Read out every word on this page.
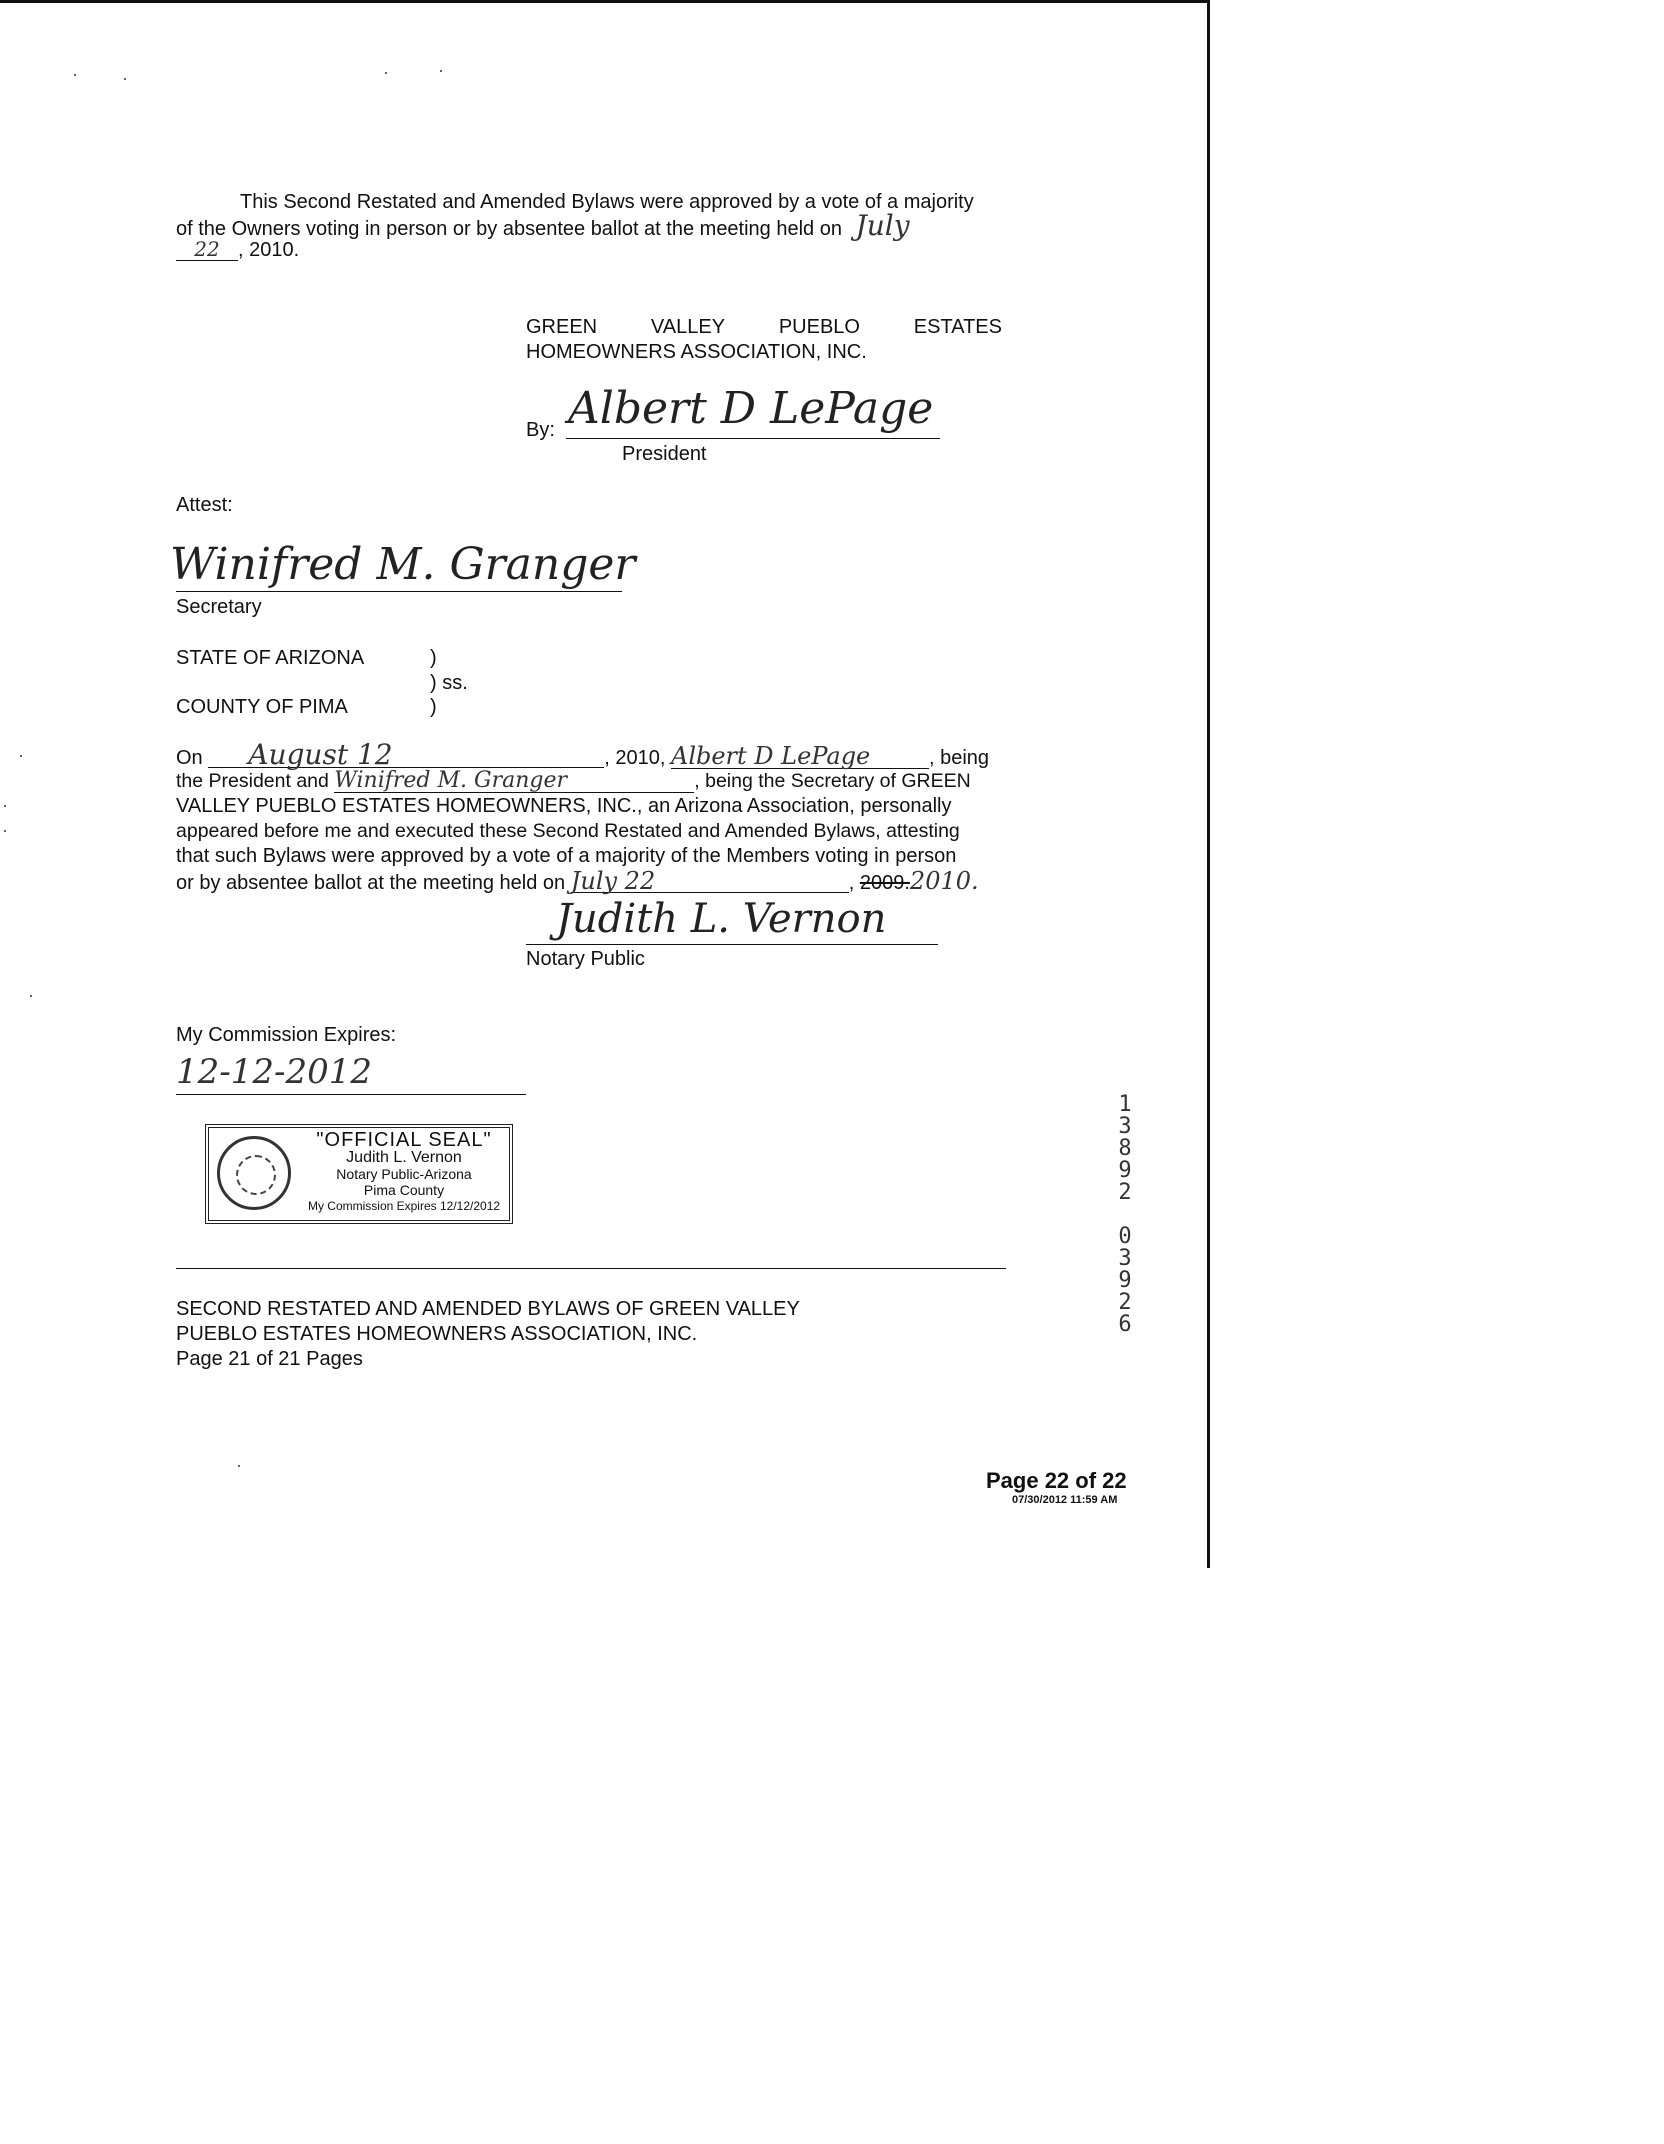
This Second Restated and Amended Bylaws were approved by a vote of a majority
of the Owners voting in person or by absentee ballot at the meeting held on July
22 , 2010.
GREEN	VALLEY	PUEBLO	ESTATES
HOMEOWNERS ASSOCIATION, INC.
By: Albert D LePage
President
Attest:
Winifred M. Granger
Secretary
STATE OF ARIZONA	)
) ss.
COUNTY OF PIMA	)
On August 12	, 2010, Albert D LePage	, being
the President and Winifred M. Granger	, being the Secretary of GREEN
VALLEY PUEBLO ESTATES HOMEOWNERS, INC., an Arizona Association, personally
appeared before me and executed these Second Restated and Amended Bylaws, attesting
that such Bylaws were approved by a vote of a majority of the Members voting in person
or by absentee ballot at the meeting held on July 22	, 2009.2010.
Judith L. Vernon
Notary Public
My Commission Expires:
12-12-2012
"OFFICIAL SEAL"
Judith L. Vernon
Notary Public-Arizona
Pima County
My Commission Expires 12/12/2012
1
3
8
9
2
0
3
9
2
6
SECOND RESTATED AND AMENDED BYLAWS OF GREEN VALLEY
PUEBLO ESTATES HOMEOWNERS ASSOCIATION, INC.
Page 21 of 21 Pages
Page 22 of 22
07/30/2012 11:59 AM
